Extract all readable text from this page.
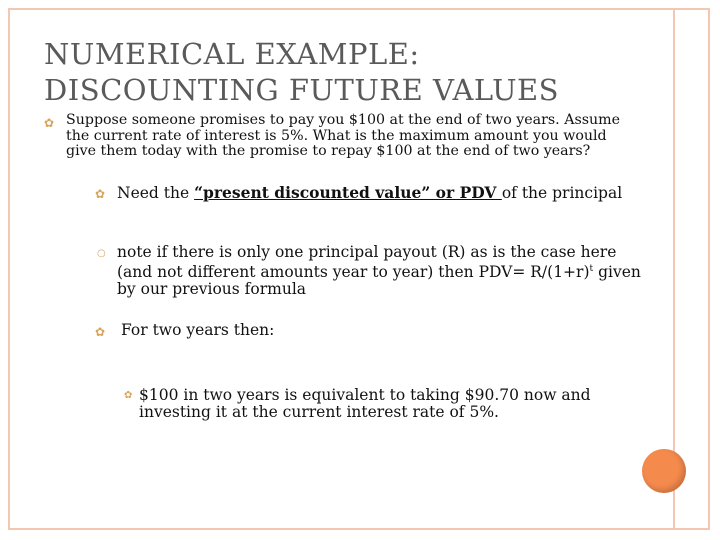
NUMERICAL EXAMPLE:
DISCOUNTING FUTURE VALUES
✿ Suppose someone promises to pay you $100 at the end of two years. Assume the current rate of interest is 5%. What is the maximum amount you would give them today with the promise to repay $100 at the end of two years?
✿ Need the “present discounted value” or PDV of the principal
○ note if there is only one principal payout (R) as is the case here (and not different amounts year to year) then $PDV= R/(1+r)^t$ given by our previous formula
✿ For two years then:
✿ $100 in two years is equivalent to taking $90.70 now and investing it at the current interest rate of 5%.
